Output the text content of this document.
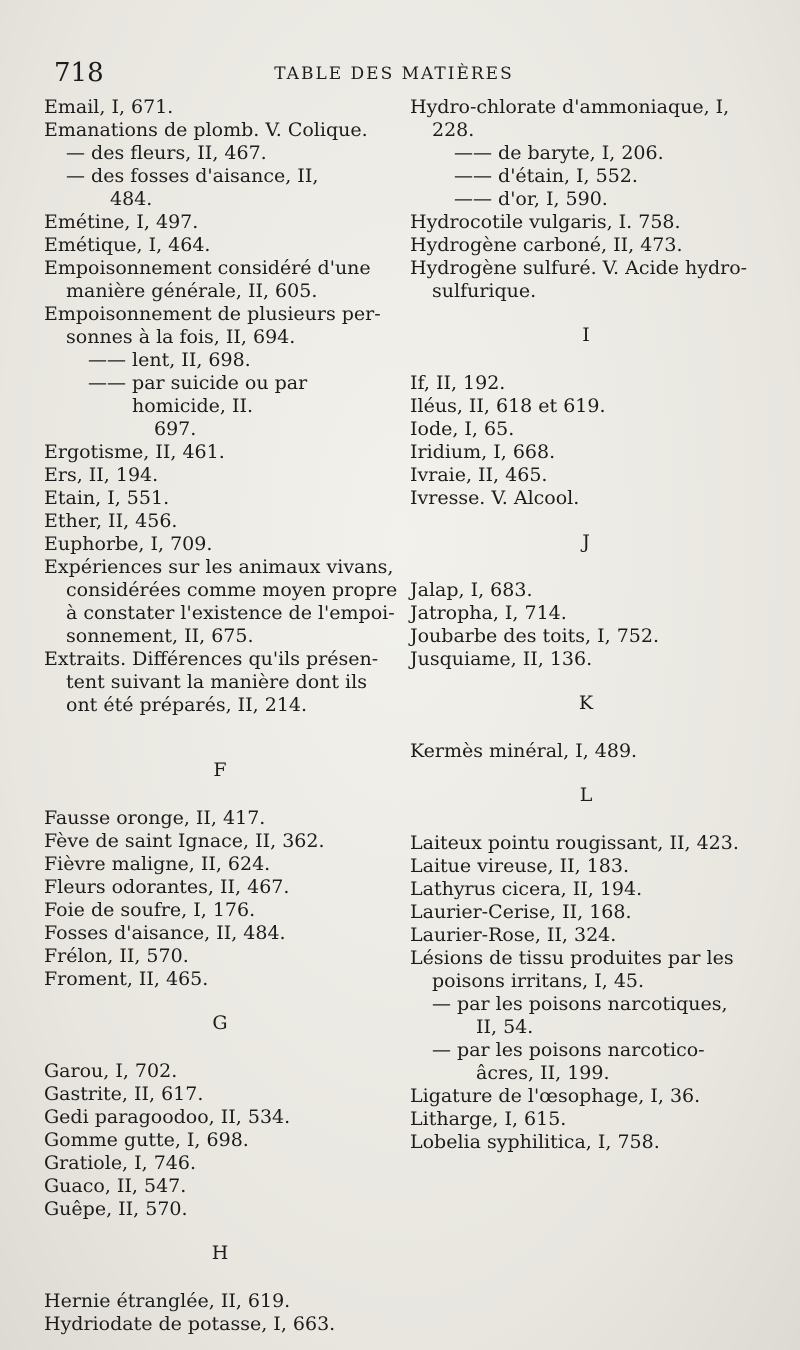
718	TABLE DES MATIÈRES
Email, I, 671.
Emanations de plomb. V. Colique.
— des fleurs, II, 467.
— des fosses d'aisance, II,
484.
Emétine, I, 497.
Emétique, I, 464.
Empoisonnement considéré d'une
manière générale, II, 605.
Empoisonnement de plusieurs per-
sonnes à la fois, II, 694.
—— lent, II, 698.
—— par suicide ou par
homicide, II.
697.
Ergotisme, II, 461.
Ers, II, 194.
Etain, I, 551.
Ether, II, 456.
Euphorbe, I, 709.
Expériences sur les animaux vivans,
considérées comme moyen propre
à constater l'existence de l'empoi-
sonnement, II, 675.
Extraits. Différences qu'ils présen-
tent suivant la manière dont ils
ont été préparés, II, 214.
F
Fausse oronge, II, 417.
Fève de saint Ignace, II, 362.
Fièvre maligne, II, 624.
Fleurs odorantes, II, 467.
Foie de soufre, I, 176.
Fosses d'aisance, II, 484.
Frélon, II, 570.
Froment, II, 465.
G
Garou, I, 702.
Gastrite, II, 617.
Gedi paragoodoo, II, 534.
Gomme gutte, I, 698.
Gratiole, I, 746.
Guaco, II, 547.
Guêpe, II, 570.
H
Hernie étranglée, II, 619.
Hydriodate de potasse, I, 663.
Hydro-chlorate d'ammoniaque, I,
228.
—— de baryte, I, 206.
—— d'étain, I, 552.
—— d'or, I, 590.
Hydrocotile vulgaris, I. 758.
Hydrogène carboné, II, 473.
Hydrogène sulfuré. V. Acide hydro-
sulfurique.
I
If, II, 192.
Iléus, II, 618 et 619.
Iode, I, 65.
Iridium, I, 668.
Ivraie, II, 465.
Ivresse. V. Alcool.
J
Jalap, I, 683.
Jatropha, I, 714.
Joubarbe des toits, I, 752.
Jusquiame, II, 136.
K
Kermès minéral, I, 489.
L
Laiteux pointu rougissant, II, 423.
Laitue vireuse, II, 183.
Lathyrus cicera, II, 194.
Laurier-Cerise, II, 168.
Laurier-Rose, II, 324.
Lésions de tissu produites par les
poisons irritans, I, 45.
— par les poisons narcotiques,
II, 54.
— par les poisons narcotico-
âcres, II, 199.
Ligature de l'œsophage, I, 36.
Litharge, I, 615.
Lobelia syphilitica, I, 758.
